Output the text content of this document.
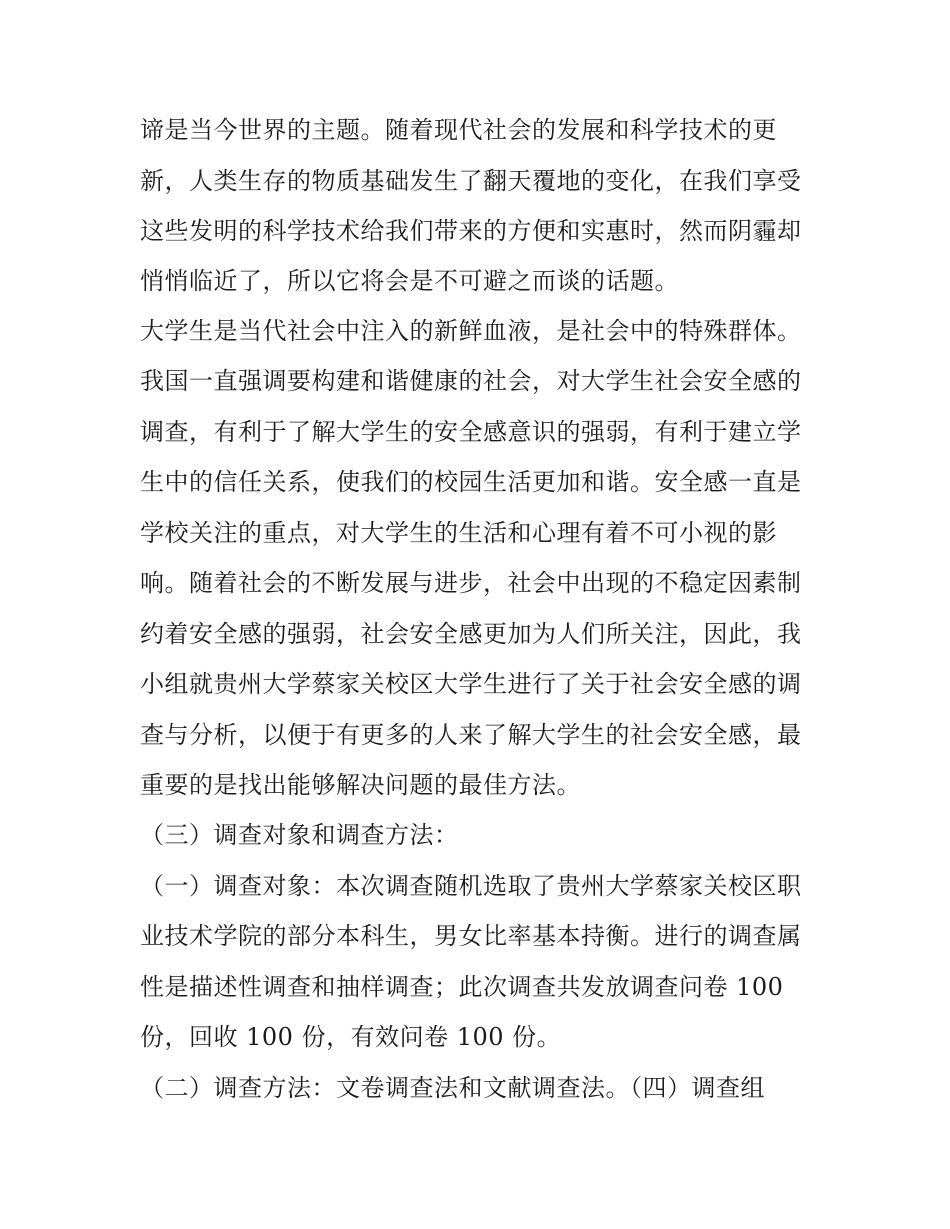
谛是当今世界的主题。随着现代社会的发展和科学技术的更
新，人类生存的物质基础发生了翻天覆地的变化，在我们享受
这些发明的科学技术给我们带来的方便和实惠时，然而阴霾却
悄悄临近了，所以它将会是不可避之而谈的话题。
大学生是当代社会中注入的新鲜血液，是社会中的特殊群体。
我国一直强调要构建和谐健康的社会，对大学生社会安全感的
调查，有利于了解大学生的安全感意识的强弱，有利于建立学
生中的信任关系，使我们的校园生活更加和谐。安全感一直是
学校关注的重点，对大学生的生活和心理有着不可小视的影
响。随着社会的不断发展与进步，社会中出现的不稳定因素制
约着安全感的强弱，社会安全感更加为人们所关注，因此，我
小组就贵州大学蔡家关校区大学生进行了关于社会安全感的调
查与分析，以便于有更多的人来了解大学生的社会安全感，最
重要的是找出能够解决问题的最佳方法。
（三）调查对象和调查方法：
（一）调查对象：本次调查随机选取了贵州大学蔡家关校区职
业技术学院的部分本科生，男女比率基本持衡。进行的调查属
性是描述性调查和抽样调查；此次调查共发放调查问卷 100
份，回收 100 份，有效问卷 100 份。
（二）调查方法：文卷调查法和文献调查法。（四）调查组
